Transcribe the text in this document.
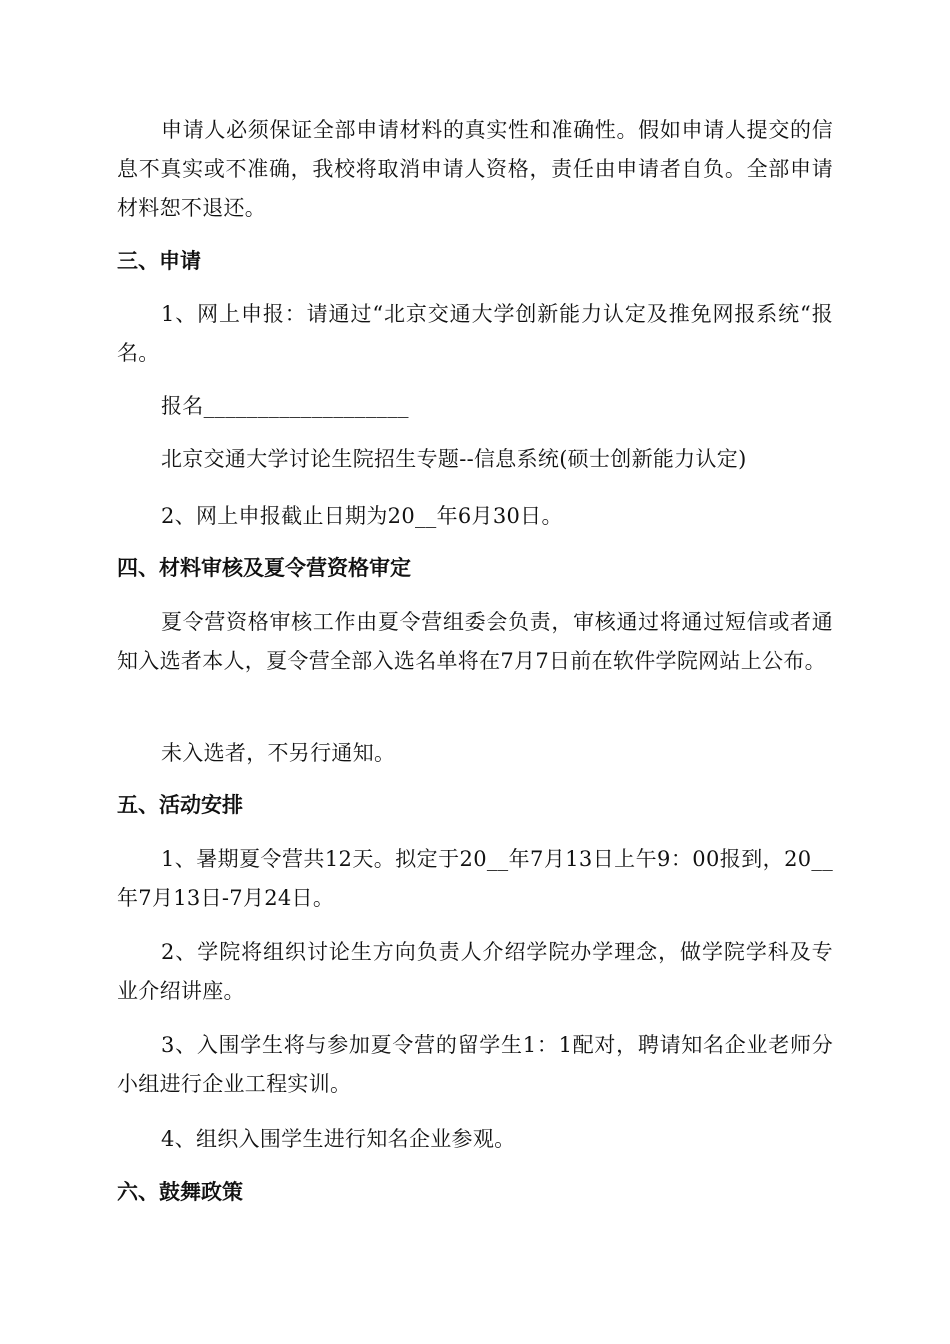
申请人必须保证全部申请材料的真实性和准确性。假如申请人提交的信息不真实或不准确，我校将取消申请人资格，责任由申请者自负。全部申请材料恕不退还。

三、申请

1、网上申报：请通过“北京交通大学创新能力认定及推免网报系统“报名。

报名___________________

北京交通大学讨论生院招生专题--信息系统(硕士创新能力认定)

2、网上申报截止日期为20__年6月30日。

四、材料审核及夏令营资格审定

夏令营资格审核工作由夏令营组委会负责，审核通过将通过短信或者通知入选者本人，夏令营全部入选名单将在7月7日前在软件学院网站上公布。

未入选者，不另行通知。

五、活动安排

1、暑期夏令营共12天。拟定于20__年7月13日上午9：00报到，20__年7月13日-7月24日。

2、学院将组织讨论生方向负责人介绍学院办学理念，做学院学科及专业介绍讲座。

3、入围学生将与参加夏令营的留学生1：1配对，聘请知名企业老师分小组进行企业工程实训。

4、组织入围学生进行知名企业参观。

六、鼓舞政策
